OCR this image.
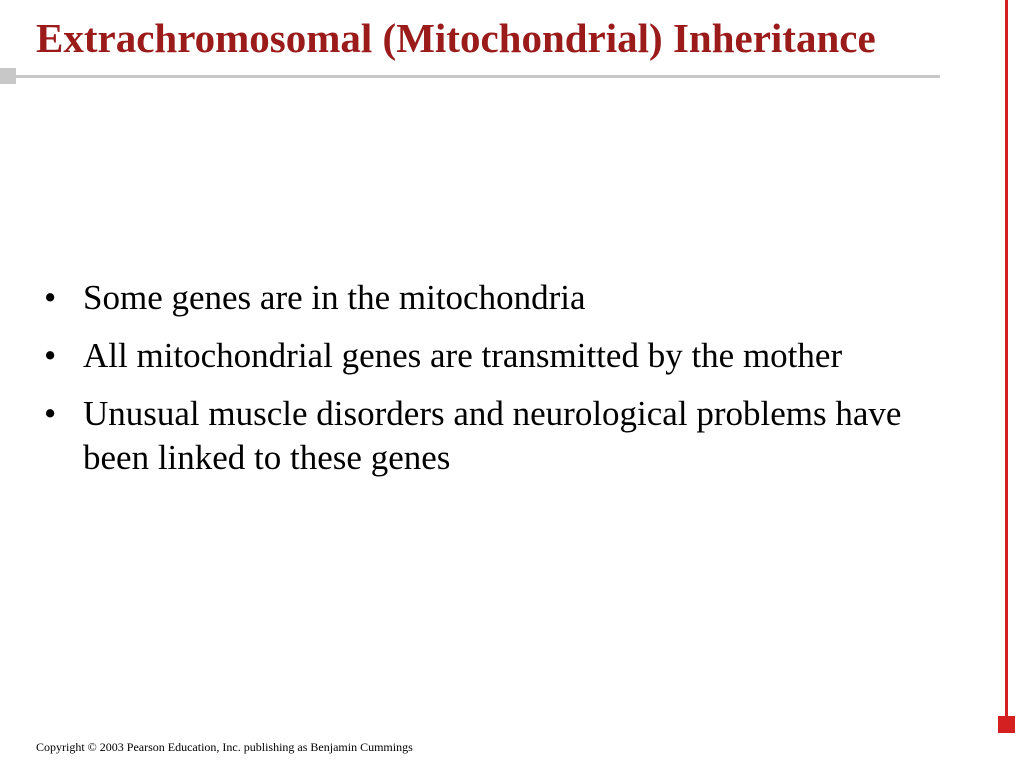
Extrachromosomal (Mitochondrial) Inheritance
• Some genes are in the mitochondria
• All mitochondrial genes are transmitted by the mother
• Unusual muscle disorders and neurological problems have been linked to these genes
Copyright © 2003 Pearson Education, Inc. publishing as Benjamin Cummings
